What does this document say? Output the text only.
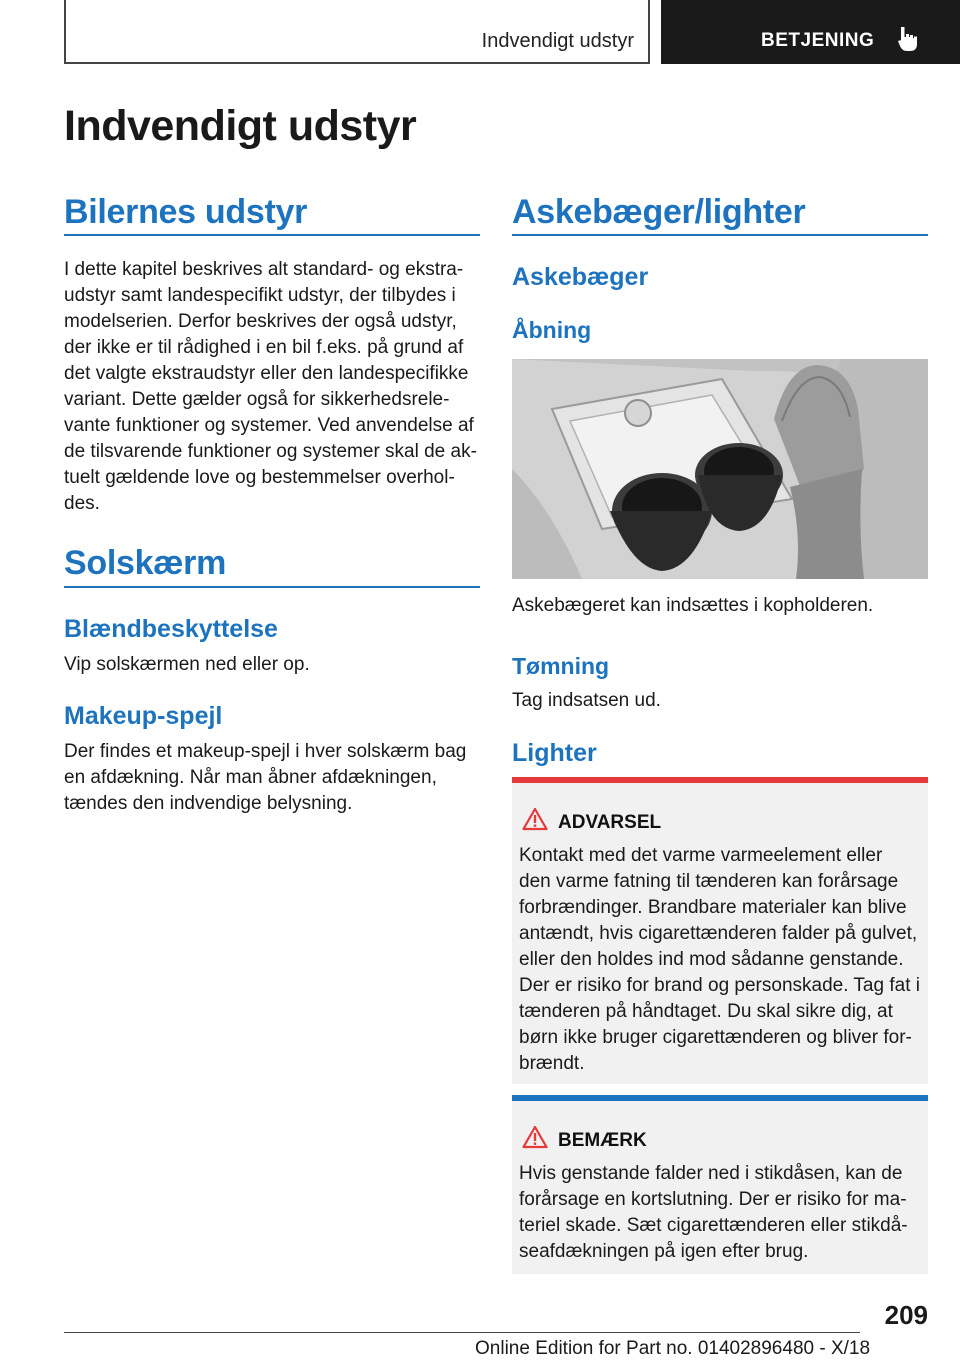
Indvendigt udstyr	BETJENING
Indvendigt udstyr
Bilernes udstyr
I dette kapitel beskrives alt standard- og ekstra-
udstyr samt landespecifikt udstyr, der tilbydes i
modelserien. Derfor beskrives der også udstyr,
der ikke er til rådighed i en bil f.eks. på grund af
det valgte ekstraudstyr eller den landespecifikke
variant. Dette gælder også for sikkerhedsrele-
vante funktioner og systemer. Ved anvendelse af
de tilsvarende funktioner og systemer skal de ak-
tuelt gældende love og bestemmelser overhol-
des.
Solskærm
Blændbeskyttelse
Vip solskærmen ned eller op.
Makeup-spejl
Der findes et makeup-spejl i hver solskærm bag
en afdækning. Når man åbner afdækningen,
tændes den indvendige belysning.
Askebæger/lighter
Askebæger
Åbning
Askebægeret kan indsættes i kopholderen.
Tømning
Tag indsatsen ud.
Lighter
ADVARSEL
Kontakt med det varme varmeelement eller
den varme fatning til tænderen kan forårsage
forbrændinger. Brandbare materialer kan blive
antændt, hvis cigarettænderen falder på gulvet,
eller den holdes ind mod sådanne genstande.
Der er risiko for brand og personskade. Tag fat i
tænderen på håndtaget. Du skal sikre dig, at
børn ikke bruger cigarettænderen og bliver for-
brændt.
BEMÆRK
Hvis genstande falder ned i stikdåsen, kan de
forårsage en kortslutning. Der er risiko for ma-
teriel skade. Sæt cigarettænderen eller stikdå-
seafdækningen på igen efter brug.
209
Online Edition for Part no. 01402896480 - X/18
